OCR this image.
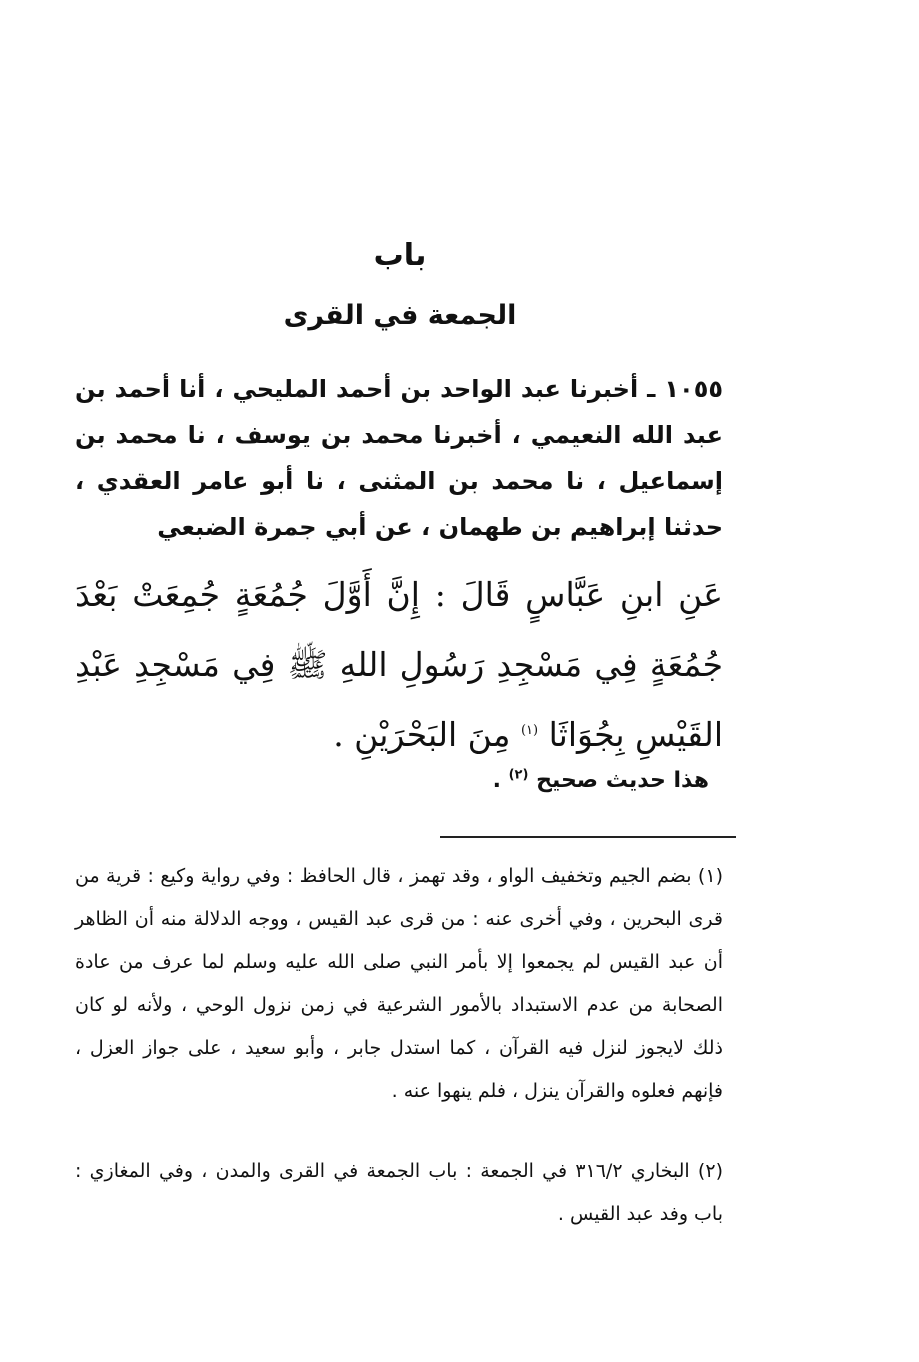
باب
الجمعة في القرى
١٠٥٥ ـ أخبرنا عبد الواحد بن أحمد المليحي ، أنا أحمد بن عبد الله النعيمي ، أخبرنا محمد بن يوسف ، نا محمد بن إسماعيل ، نا محمد بن المثنى ، نا أبو عامر العقدي ، حدثنا إبراهيم بن طهمان ، عن أبي جمرة الضبعي
عَنِ ابنِ عَبَّاسٍ قَالَ : إِنَّ أَوَّلَ جُمُعَةٍ جُمِعَتْ بَعْدَ جُمُعَةٍ فِي مَسْجِدِ رَسُولِ اللهِ ﷺ فِي مَسْجِدِ عَبْدِ القَيْسِ بِجُوَاثَا $^{(١)}$ مِنَ البَحْرَيْنِ .
هذا حديث صحيح $^{(٢)}$ .
(١) بضم الجيم وتخفيف الواو ، وقد تهمز ، قال الحافظ : وفي رواية وكيع : قرية من قرى البحرين ، وفي أخرى عنه : من قرى عبد القيس ، ووجه الدلالة منه أن الظاهر أن عبد القيس لم يجمعوا إلا بأمر النبي صلى الله عليه وسلم لما عرف من عادة الصحابة من عدم الاستبداد بالأمور الشرعية في زمن نزول الوحي ، ولأنه لو كان ذلك لايجوز لنزل فيه القرآن ، كما استدل جابر ، وأبو سعيد ، على جواز العزل ، فإنهم فعلوه والقرآن ينزل ، فلم ينهوا عنه .
(٢) البخاري ٣١٦/٢ في الجمعة : باب الجمعة في القرى والمدن ، وفي المغازي : باب وفد عبد القيس .
